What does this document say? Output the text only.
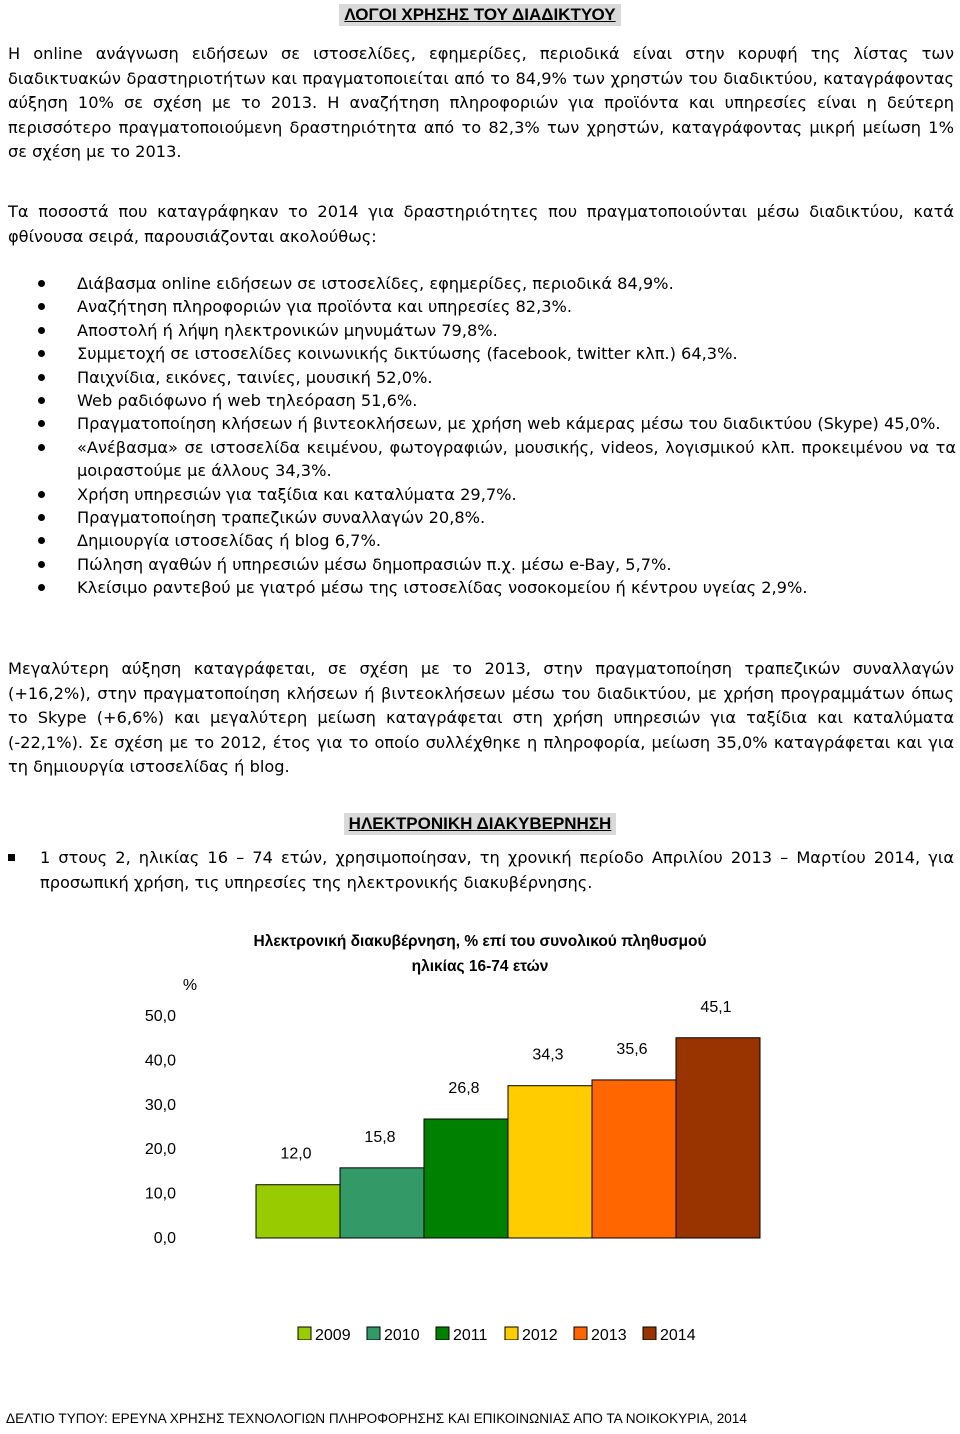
ΛΟΓΟΙ ΧΡΗΣΗΣ ΤΟΥ ΔΙΑΔΙΚΤΥΟΥ
Η online ανάγνωση ειδήσεων σε ιστοσελίδες, εφημερίδες, περιοδικά είναι στην κορυφή της λίστας των διαδικτυακών δραστηριοτήτων και πραγματοποιείται από το 84,9% των χρηστών του διαδικτύου, καταγράφοντας αύξηση 10% σε σχέση με το 2013. Η αναζήτηση πληροφοριών για προϊόντα και υπηρεσίες είναι η δεύτερη περισσότερο πραγματοποιούμενη δραστηριότητα από το 82,3% των χρηστών, καταγράφοντας μικρή μείωση 1% σε σχέση με το 2013.
Τα ποσοστά που καταγράφηκαν το 2014 για δραστηριότητες που πραγματοποιούνται μέσω διαδικτύου, κατά φθίνουσα σειρά, παρουσιάζονται ακολούθως:
Διάβασμα online ειδήσεων σε ιστοσελίδες, εφημερίδες, περιοδικά 84,9%.
Αναζήτηση πληροφοριών για προϊόντα και υπηρεσίες 82,3%.
Αποστολή ή λήψη ηλεκτρονικών μηνυμάτων 79,8%.
Συμμετοχή σε ιστοσελίδες κοινωνικής δικτύωσης (facebook, twitter κλπ.) 64,3%.
Παιχνίδια, εικόνες, ταινίες, μουσική 52,0%.
Web ραδιόφωνο ή web τηλεόραση 51,6%.
Πραγματοποίηση κλήσεων ή βιντεοκλήσεων, με χρήση web κάμερας μέσω του διαδικτύου (Skype) 45,0%.
«Ανέβασμα» σε ιστοσελίδα κειμένου, φωτογραφιών, μουσικής, videos, λογισμικού κλπ. προκειμένου να τα μοιραστούμε με άλλους 34,3%.
Χρήση υπηρεσιών για ταξίδια και καταλύματα 29,7%.
Πραγματοποίηση τραπεζικών συναλλαγών 20,8%.
Δημιουργία ιστοσελίδας ή blog 6,7%.
Πώληση αγαθών ή υπηρεσιών μέσω δημοπρασιών π.χ. μέσω e-Bay, 5,7%.
Κλείσιμο ραντεβού με γιατρό μέσω της ιστοσελίδας νοσοκομείου ή κέντρου υγείας 2,9%.
Μεγαλύτερη αύξηση καταγράφεται, σε σχέση με το 2013, στην πραγματοποίηση τραπεζικών συναλλαγών (+16,2%), στην πραγματοποίηση κλήσεων ή βιντεοκλήσεων μέσω του διαδικτύου, με χρήση προγραμμάτων όπως το Skype (+6,6%) και μεγαλύτερη μείωση καταγράφεται στη χρήση υπηρεσιών για ταξίδια και καταλύματα (-22,1%). Σε σχέση με το 2012, έτος για το οποίο συλλέχθηκε η πληροφορία, μείωση 35,0% καταγράφεται και για τη δημιουργία ιστοσελίδας ή blog.
ΗΛΕΚΤΡΟΝΙΚΗ ΔΙΑΚΥΒΕΡΝΗΣΗ
1 στους 2, ηλικίας 16 – 74 ετών, χρησιμοποίησαν, τη χρονική περίοδο Απριλίου 2013 – Μαρτίου 2014, για προσωπική χρήση, τις υπηρεσίες της ηλεκτρονικής διακυβέρνησης.
Ηλεκτρονική διακυβέρνηση, % επί του συνολικού πληθυσμού
ηλικίας 16-74 ετών
%
0,0
10,0
20,0
30,0
40,0
50,0
12,0
15,8
26,8
34,3	35,6
45,1
2009 2010 2011 2012 2013 2014
ΔΕΛΤΙΟ ΤΥΠΟΥ: ΕΡΕΥΝΑ ΧΡΗΣΗΣ ΤΕΧΝΟΛΟΓΙΩΝ ΠΛΗΡΟΦΟΡΗΣΗΣ ΚΑΙ ΕΠΙΚΟΙΝΩΝΙΑΣ ΑΠΟ ΤΑ ΝΟΙΚΟΚΥΡΙΑ, 2014
